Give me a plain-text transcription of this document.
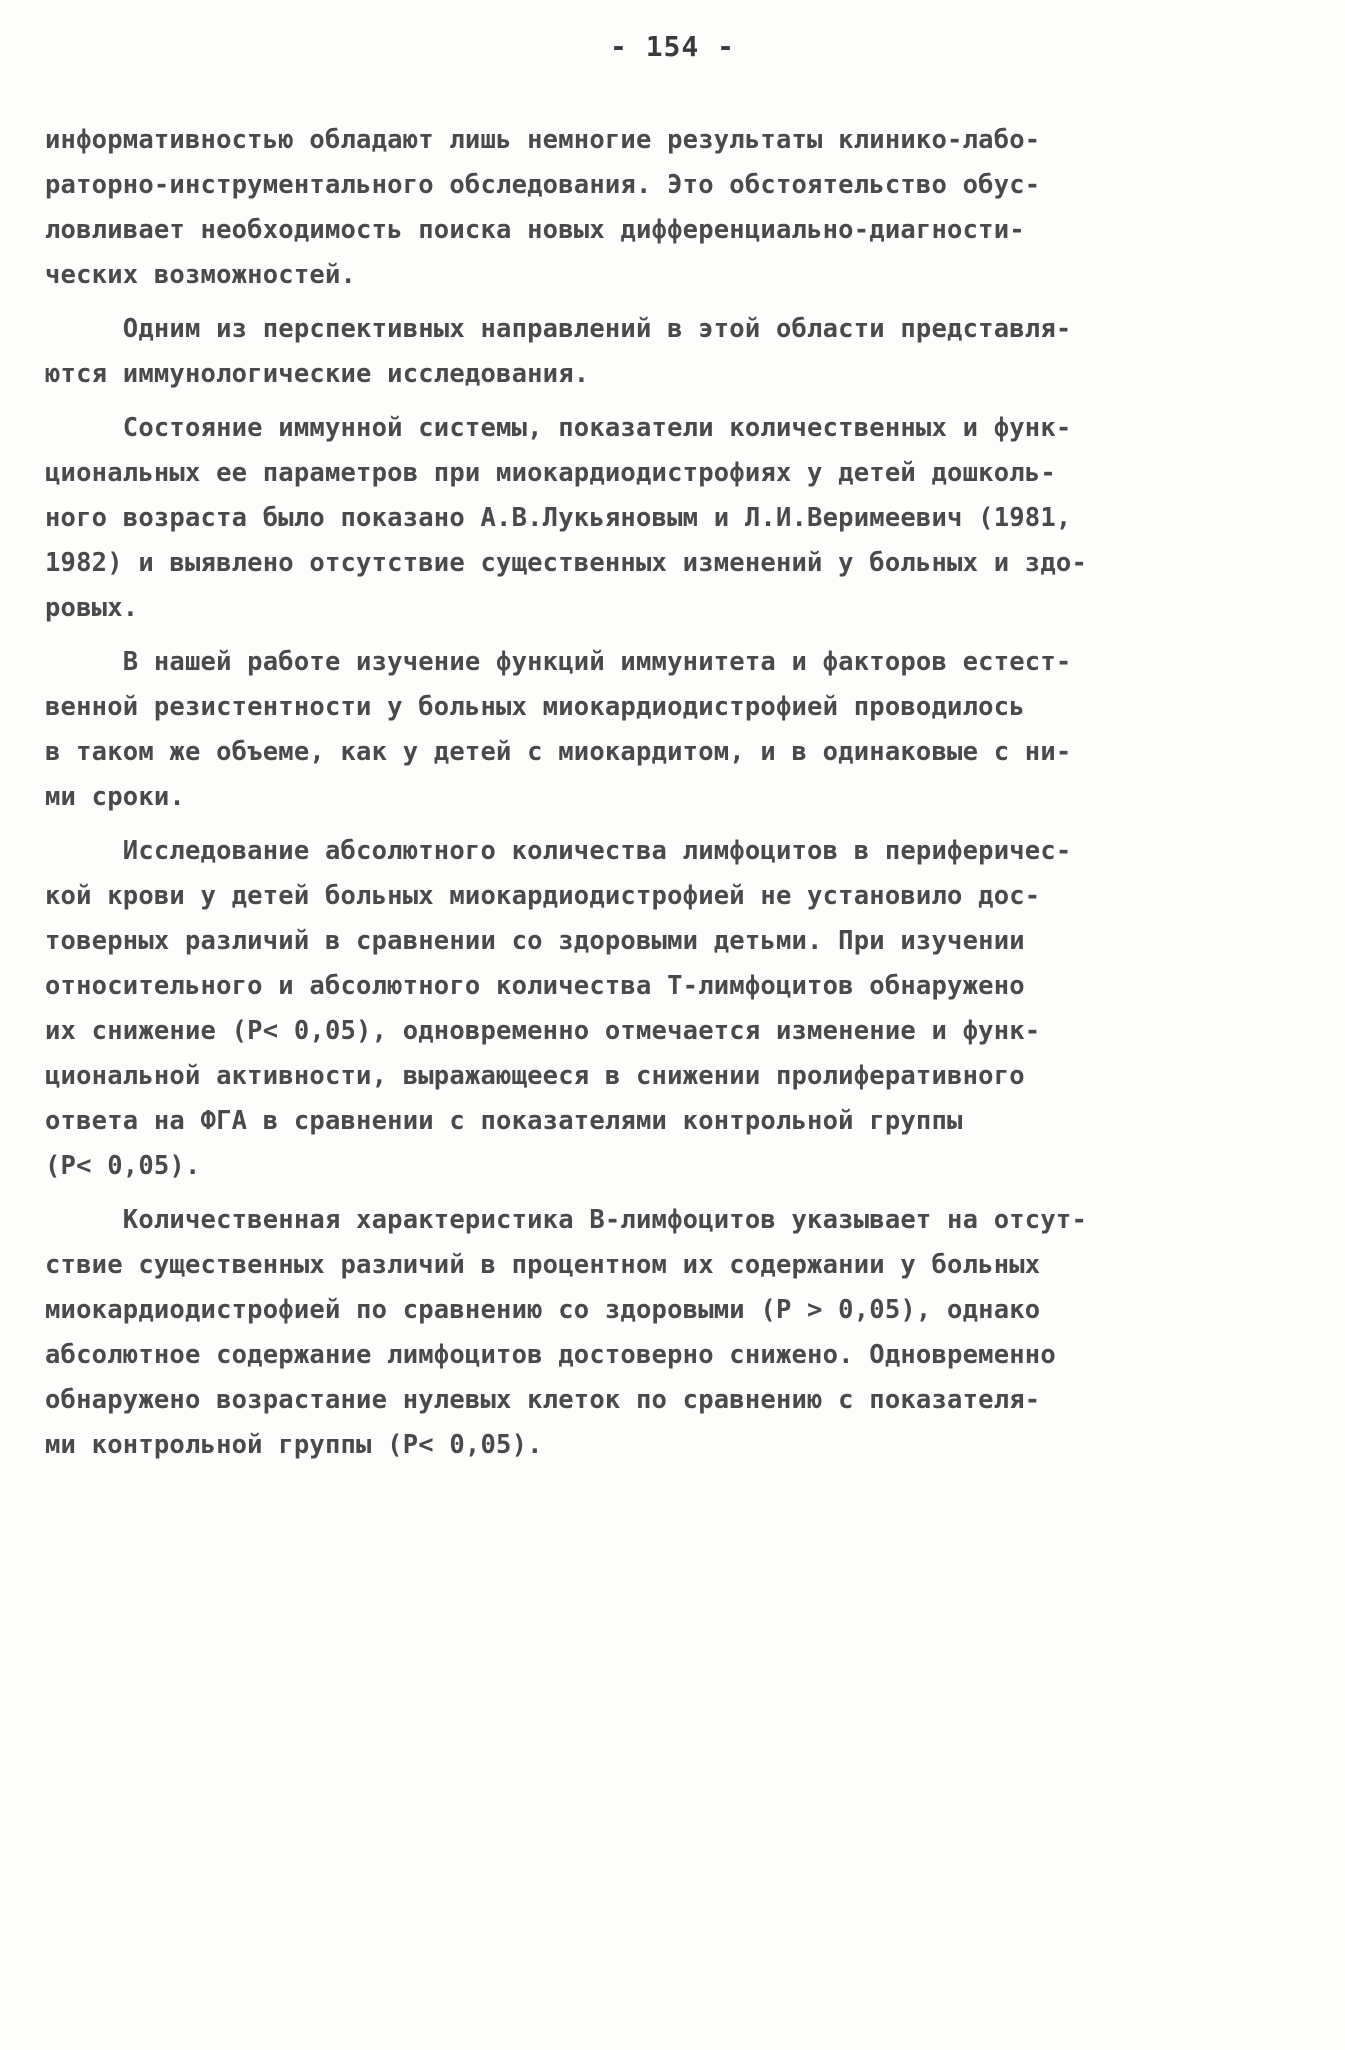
- 154 -
информативностью обладают лишь немногие результаты клинико-лабо-
раторно-инструментального обследования. Это обстоятельство обус-
ловливает необходимость поиска новых дифференциально-диагности-
ческих возможностей.
Одним из перспективных направлений в этой области представля-
ются иммунологические исследования.
Состояние иммунной системы, показатели количественных и функ-
циональных ее параметров при миокардиодистрофиях у детей дошколь-
ного возраста было показано А.В.Лукьяновым и Л.И.Веримеевич (1981,
1982) и выявлено отсутствие существенных изменений у больных и здо-
ровых.
В нашей работе изучение функций иммунитета и факторов естест-
венной резистентности у больных миокардиодистрофией проводилось
в таком же объеме, как у детей с миокардитом, и в одинаковые с ни-
ми сроки.
Исследование абсолютного количества лимфоцитов в периферичес-
кой крови у детей больных миокардиодистрофией не установило дос-
товерных различий в сравнении со здоровыми детьми. При изучении
относительного и абсолютного количества Т-лимфоцитов обнаружено
их снижение (Р< 0,05), одновременно отмечается изменение и функ-
циональной активности, выражающееся в снижении пролиферативного
ответа на ФГА в сравнении с показателями контрольной группы
(Р< 0,05).
Количественная характеристика В-лимфоцитов указывает на отсут-
ствие существенных различий в процентном их содержании у больных
миокардиодистрофией по сравнению со здоровыми (Р > 0,05), однако
абсолютное содержание лимфоцитов достоверно снижено. Одновременно
обнаружено возрастание нулевых клеток по сравнению с показателя-
ми контрольной группы (Р< 0,05).
